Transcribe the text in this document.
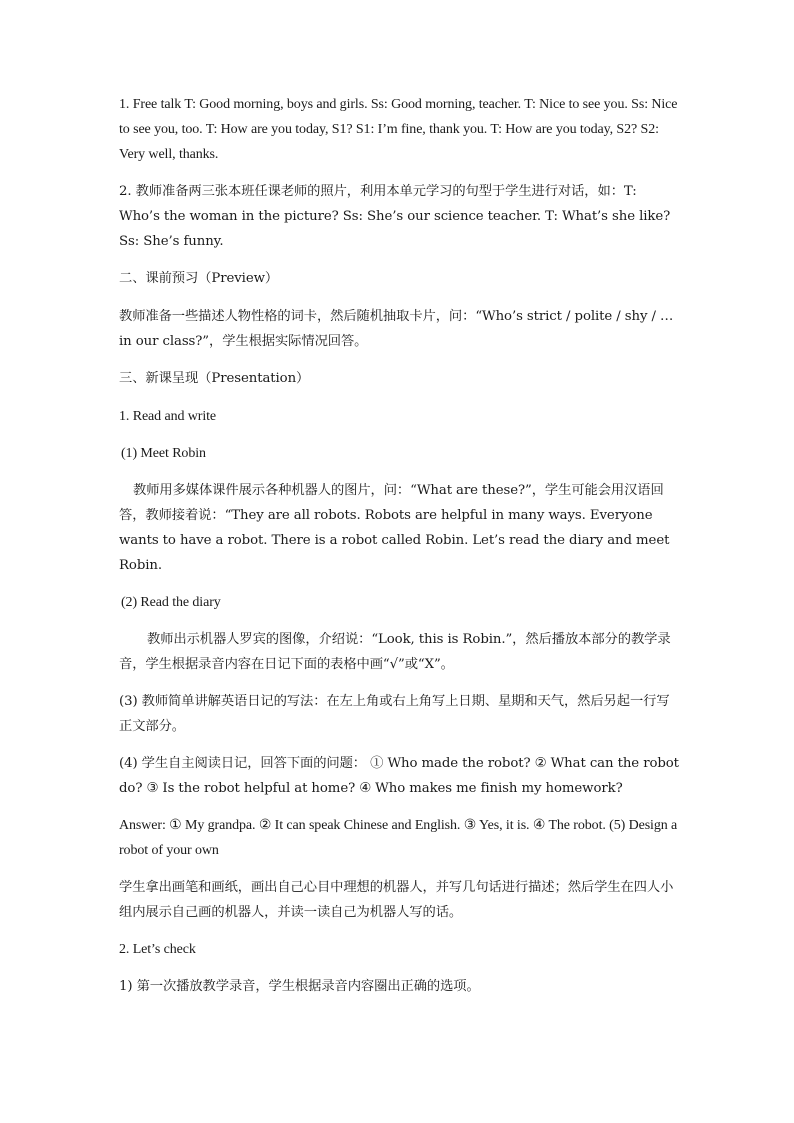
1. Free talk T: Good morning, boys and girls. Ss: Good morning, teacher. T: Nice to see you. Ss: Nice to see you, too. T: How are you today, S1? S1: I’m fine, thank you. T: How are you today, S2? S2: Very well, thanks.

2. 教师准备两三张本班任课老师的照片，利用本单元学习的句型于学生进行对话，如：T: Who’s the woman in the picture? Ss: She’s our science teacher. T: What’s she like? Ss: She’s funny.

二、课前预习（Preview）

教师准备一些描述人物性格的词卡，然后随机抽取卡片，问：“Who’s strict / polite / shy / … in our class?”，学生根据实际情况回答。

三、新课呈现（Presentation）

1. Read and write

(1) Meet Robin

教师用多媒体课件展示各种机器人的图片，问：“What are these?”，学生可能会用汉语回答，教师接着说：“They are all robots. Robots are helpful in many ways. Everyone wants to have a robot. There is a robot called Robin. Let’s read the diary and meet Robin.

(2) Read the diary

教师出示机器人罗宾的图像，介绍说：“Look, this is Robin.”，然后播放本部分的教学录音，学生根据录音内容在日记下面的表格中画“√”或“X”。

(3) 教师简单讲解英语日记的写法：在左上角或右上角写上日期、星期和天气，然后另起一行写正文部分。

(4) 学生自主阅读日记，回答下面的问题： ① Who made the robot? ② What can the robot do? ③ Is the robot helpful at home? ④ Who makes me finish my homework?

Answer: ① My grandpa. ② It can speak Chinese and English. ③ Yes, it is. ④ The robot. (5) Design a robot of your own

学生拿出画笔和画纸，画出自己心目中理想的机器人，并写几句话进行描述；然后学生在四人小组内展示自己画的机器人，并读一读自己为机器人写的话。

2. Let’s check

1) 第一次播放教学录音，学生根据录音内容圈出正确的选项。
